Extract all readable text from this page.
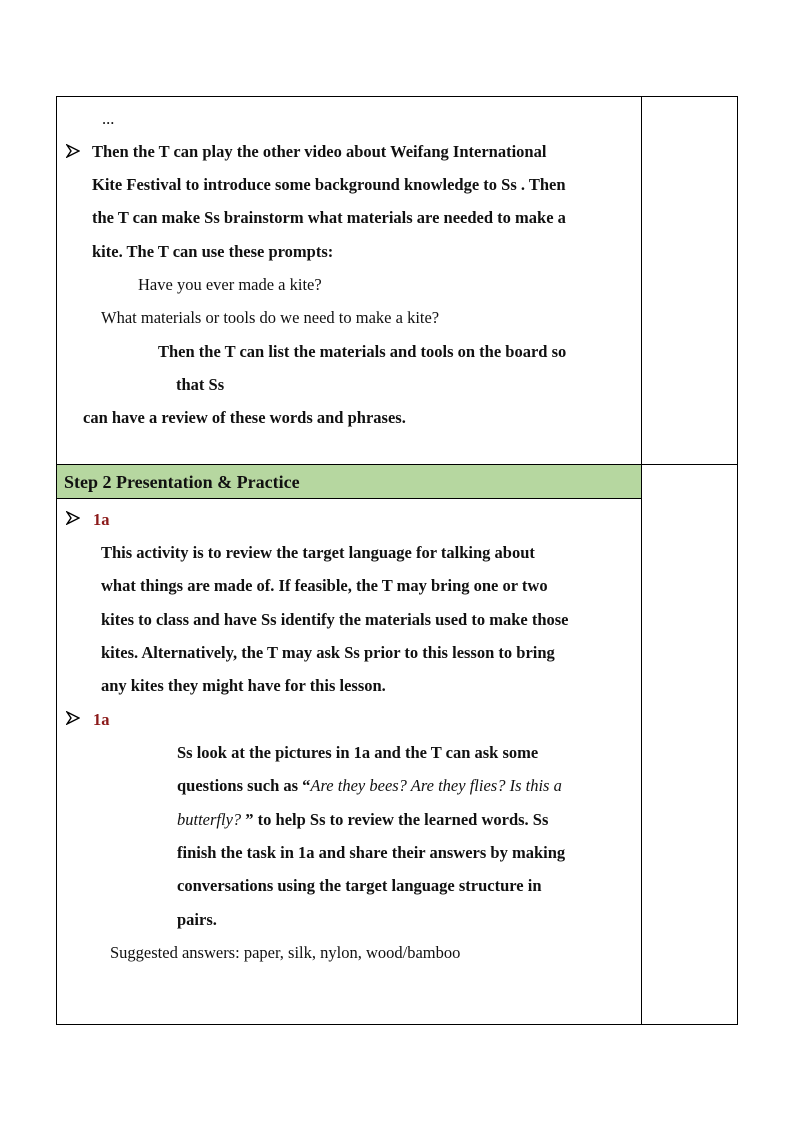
...
Then the T can play the other video about Weifang International
Kite Festival to introduce some background knowledge to Ss . Then
the T can make Ss brainstorm what materials are needed to make a
kite. The T can use these prompts:
Have you ever made a kite?
What materials or tools do we need to make a kite?
Then the T can list the materials and tools on the board so
that Ss
can have a review of these words and phrases.
Step 2 Presentation & Practice
1a
This activity is to review the target language for talking about
what things are made of. If feasible, the T may bring one or two
kites to class and have Ss identify the materials used to make those
kites. Alternatively, the T may ask Ss prior to this lesson to bring
any kites they might have for this lesson.
1a
Ss look at the pictures in 1a and the T can ask some
questions such as “Are they bees? Are they flies? Is this a
butterfly? ” to help Ss to review the learned words. Ss
finish the task in 1a and share their answers by making
conversations using the target language structure in
pairs.
Suggested answers: paper, silk, nylon, wood/bamboo
